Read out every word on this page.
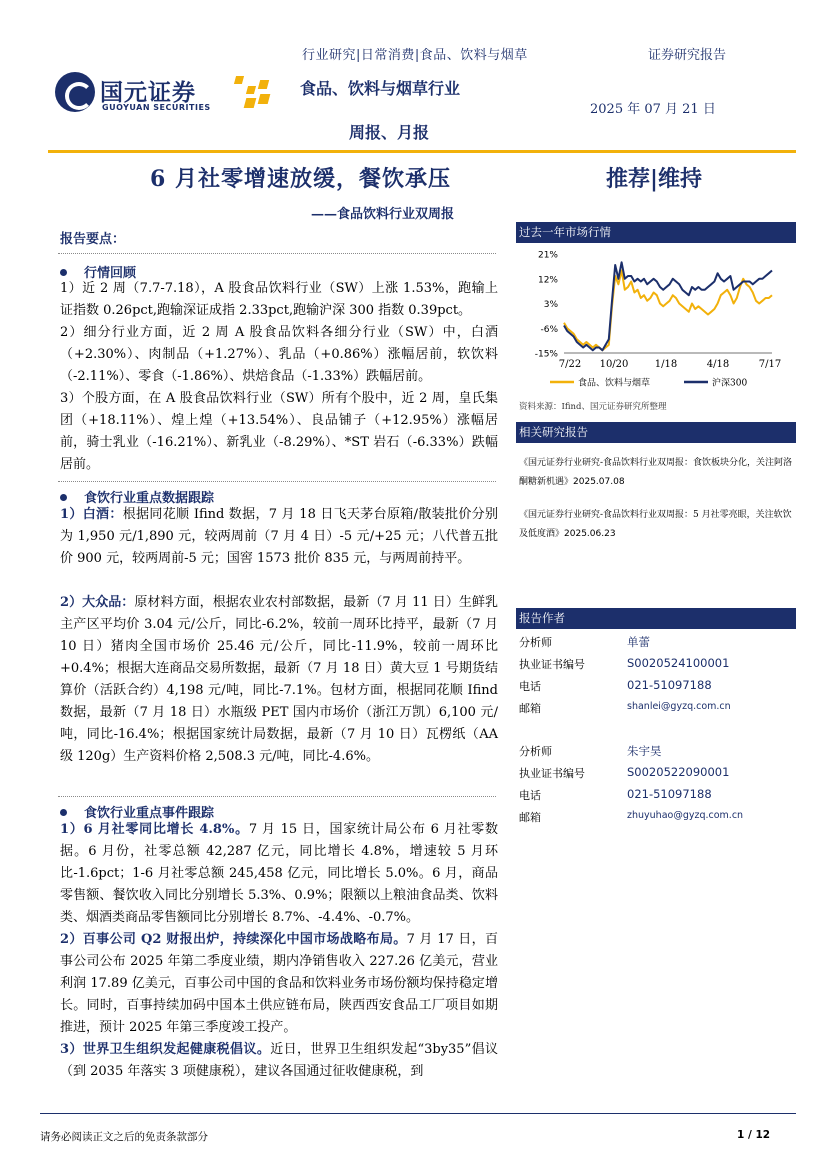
国元证券
GUOYUAN SECURITIES
行业研究|日常消费|食品、饮料与烟草	证券研究报告
食品、饮料与烟草行业
2025 年 07 月 21 日
周报、月报
6 月社零增速放缓，餐饮承压	推荐|维持
——食品饮料行业双周报
报告要点：
行情回顾
1）近 2 周（7.7-7.18），A 股食品饮料行业（SW）上涨 1.53%，跑输上证指数 0.26pct,跑输深证成指 2.33pct,跑输沪深 300 指数 0.39pct。
2）细分行业方面，近 2 周 A 股食品饮料各细分行业（SW）中，白酒（+2.30%）、肉制品（+1.27%）、乳品（+0.86%）涨幅居前，软饮料（-2.11%）、零食（-1.86%）、烘焙食品（-1.33%）跌幅居前。
3）个股方面，在 A 股食品饮料行业（SW）所有个股中，近 2 周，皇氏集团（+18.11%）、煌上煌（+13.54%）、良品铺子（+12.95%）涨幅居前，骑士乳业（-16.21%）、新乳业（-8.29%）、*ST 岩石（-6.33%）跌幅居前。
食饮行业重点数据跟踪
1）白酒：根据同花顺 Ifind 数据，7 月 18 日飞天茅台原箱/散装批价分别为 1,950 元/1,890 元，较两周前（7 月 4 日）-5 元/+25 元；八代普五批价 900 元，较两周前-5 元；国窖 1573 批价 835 元，与两周前持平。
2）大众品：原材料方面，根据农业农村部数据，最新（7 月 11 日）生鲜乳主产区平均价 3.04 元/公斤，同比-6.2%，较前一周环比持平，最新（7 月 10 日）猪肉全国市场价 25.46 元/公斤，同比-11.9%，较前一周环比+0.4%；根据大连商品交易所数据，最新（7 月 18 日）黄大豆 1 号期货结算价（活跃合约）4,198 元/吨，同比-7.1%。包材方面，根据同花顺 Ifind 数据，最新（7 月 18 日）水瓶级 PET 国内市场价（浙江万凯）6,100 元/吨，同比-16.4%；根据国家统计局数据，最新（7 月 10 日）瓦楞纸（AA 级 120g）生产资料价格 2,508.3 元/吨，同比-4.6%。
食饮行业重点事件跟踪
1）6 月社零同比增长 4.8%。7 月 15 日，国家统计局公布 6 月社零数据。6 月份，社零总额 42,287 亿元，同比增长 4.8%，增速较 5 月环比-1.6pct；1-6 月社零总额 245,458 亿元，同比增长 5.0%。6 月，商品零售额、餐饮收入同比分别增长 5.3%、0.9%；限额以上粮油食品类、饮料类、烟酒类商品零售额同比分别增长 8.7%、-4.4%、-0.7%。
2）百事公司 Q2 财报出炉，持续深化中国市场战略布局。7 月 17 日，百事公司公布 2025 年第二季度业绩，期内净销售收入 227.26 亿美元，营业利润 17.89 亿美元，百事公司中国的食品和饮料业务市场份额均保持稳定增长。同时，百事持续加码中国本土供应链布局，陕西西安食品工厂项目如期推进，预计 2025 年第三季度竣工投产。
3）世界卫生组织发起健康税倡议。近日，世界卫生组织发起“3by35”倡议（到 2035 年落实 3 项健康税），建议各国通过征收健康税，到
过去一年市场行情
21%
12%
3%
-6%
-15%
7/22 10/20	1/18	4/18	7/17
食品、饮料与烟草	沪深300
资料来源：Ifind、国元证券研究所整理
相关研究报告
《国元证券行业研究-食品饮料行业双周报：食饮板块分化，关注阿洛酮糖新机遇》2025.07.08
《国元证券行业研究-食品饮料行业双周报：5 月社零亮眼，关注软饮及低度酒》2025.06.23
报告作者
分析师	单蕾
执业证书编号	S0020524100001
电话	021-51097188
邮箱	shanlei@gyzq.com.cn
分析师	朱宇昊
执业证书编号	S0020522090001
电话	021-51097188
邮箱	zhuyuhao@gyzq.com.cn
请务必阅读正文之后的免责条款部分	1 / 12
